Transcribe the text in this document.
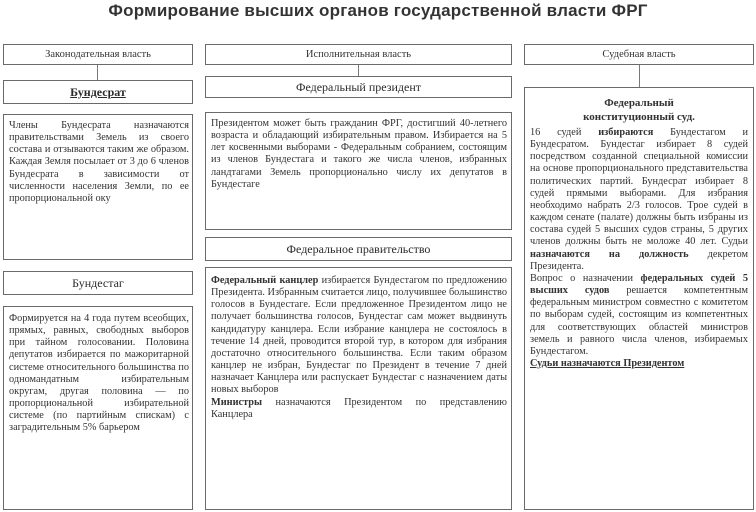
Формирование высших органов государственной власти ФРГ
Законодательная власть	Исполнительная власть	Судебная власть
Бундесрат
Члены Бундесрата назначаются правительствами Земель из своего состава и отзываются таким же образом. Каждая Земля посылает от 3 до 6 членов Бундесрата в зависимости от численности населения Земли, по ее пропорциональной оку
Бундестаг
Формируется на 4 года путем всеобщих, прямых, равных, свободных выборов при тайном голосовании. Половина депутатов избирается по мажоритарной системе относительного большинства по одномандатным избирательным округам, другая половина — по пропорциональной избирательной системе (по партийным спискам) с заградительным 5% барьером
Федеральный президент
Президентом может быть гражданин ФРГ, достигший 40-летнего возраста и обладающий избирательным правом. Избирается на 5 лет косвенными выборами - Федеральным собранием, состоящим из членов Бундестага и такого же числа членов, избранных ландтагами Земель пропорционально числу их депутатов в Бундестаге
Федеральное правительство
Федеральный канцлер избирается Бундестагом по предложению Президента. Избранным считается лицо, получившее большинство голосов в Бундестаге. Если предложенное Президентом лицо не получает большинства голосов, Бундестаг сам может выдвинуть кандидатуру канцлера. Если избрание канцлера не состоялось в течение 14 дней, проводится второй тур, в котором для избрания достаточно относительного большинства. Если таким образом канцлер не избран, Бундестаг по Президент в течение 7 дней назначает Канцлера или распускает Бундестаг с назначением даты новых выборов
Министры назначаются Президентом по представлению Канцлера
Федеральный
конституционный суд.
16 судей избираются Бундестагом и Бундесратом. Бундестаг избирает 8 судей посредством созданной специальной комиссии на основе пропорционального представительства политических партий. Бундесрат избирает 8 судей прямыми выборами. Для избрания необходимо набрать 2/3 голосов. Трое судей в каждом сенате (палате) должны быть избраны из состава судей 5 высших судов страны, 5 других членов должны быть не моложе 40 лет. Судьи назначаются на должность декретом Президента.
Вопрос о назначении федеральных судей 5 высших судов решается компетентным федеральным министром совместно с комитетом по выборам судей, состоящим из компетентных для соответствующих областей министров земель и равного числа членов, избираемых Бундестагом.
Судьи назначаются Президентом
